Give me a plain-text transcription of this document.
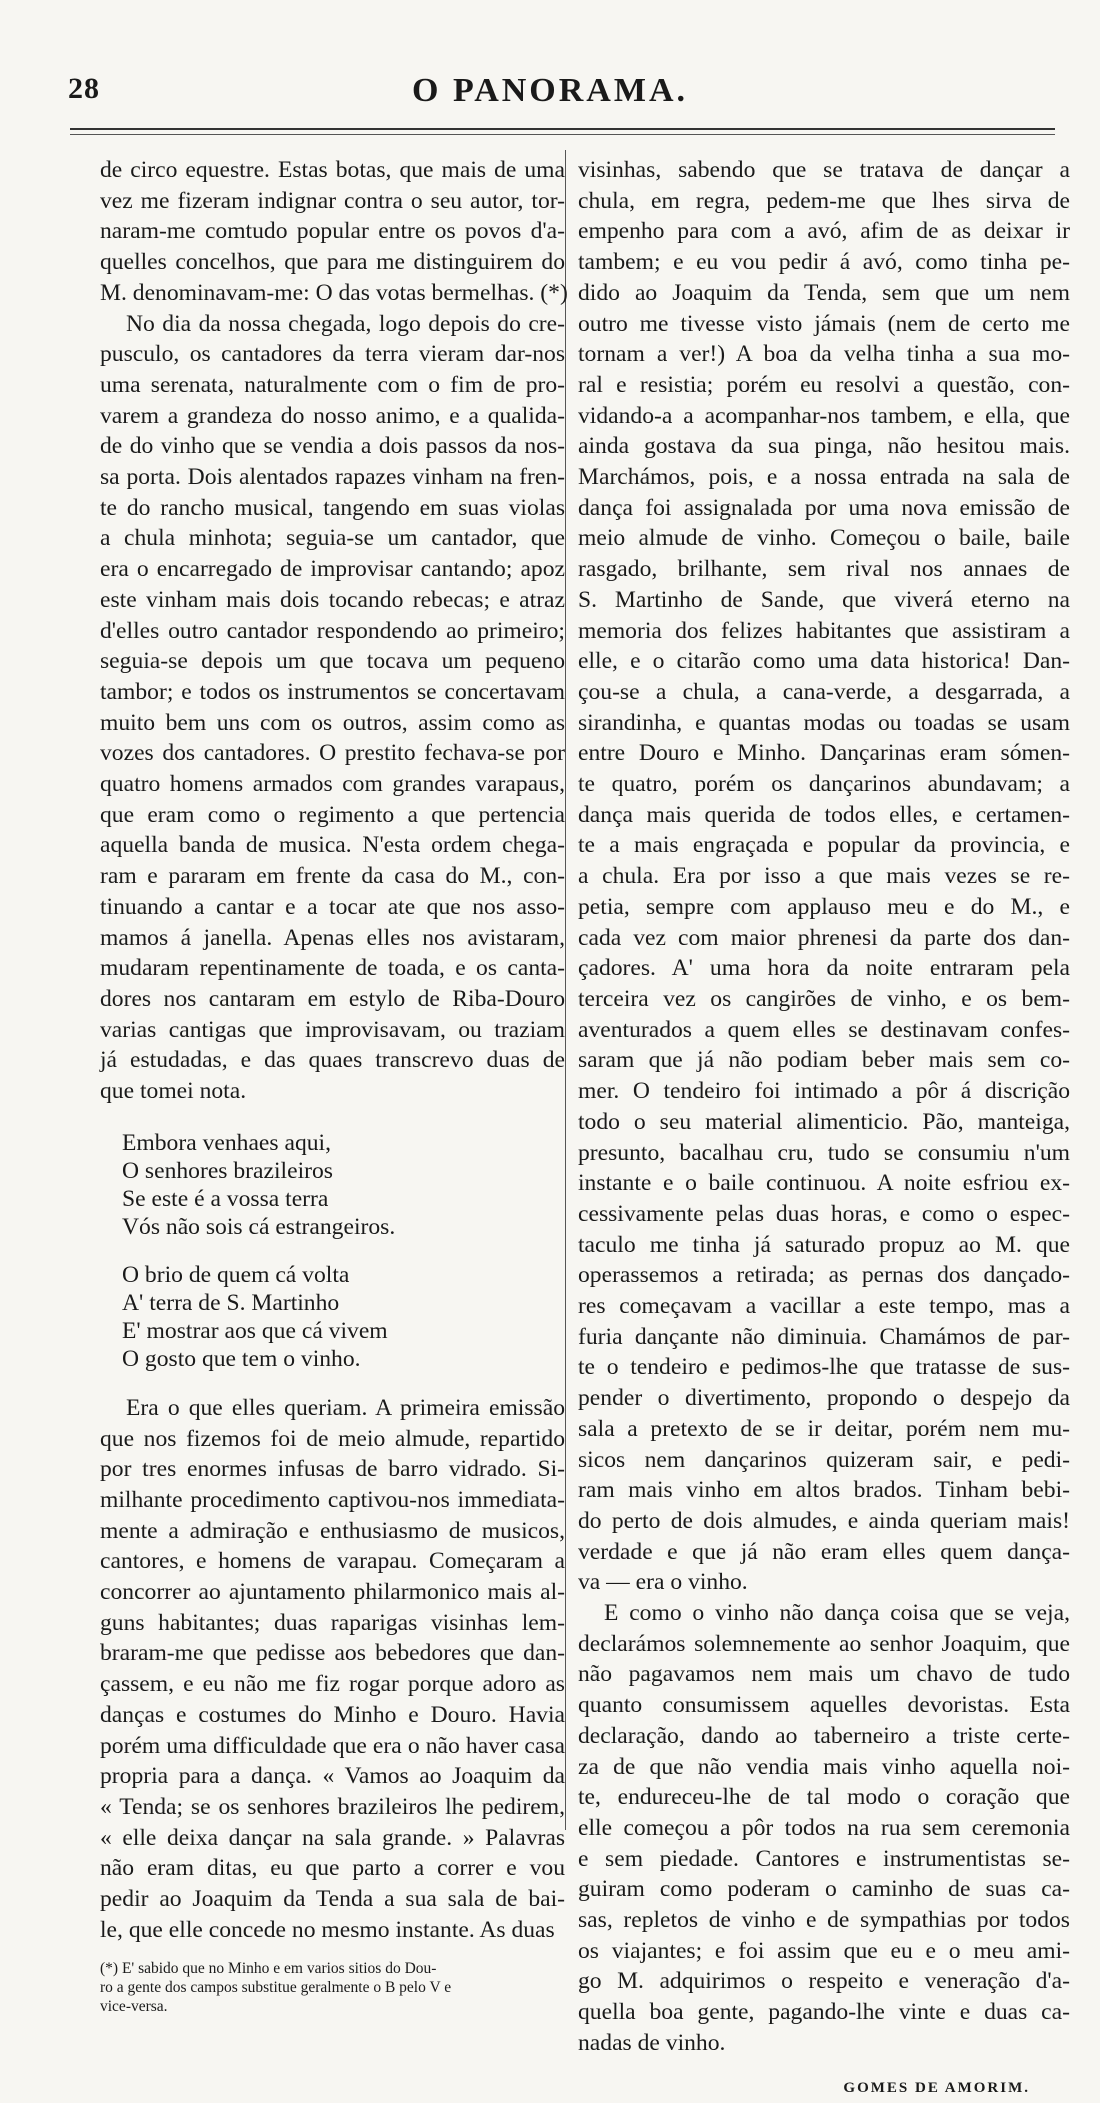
28	O PANORAMA.
de circo equestre. Estas botas, que mais de uma
vez me fizeram indignar contra o seu autor, tor-
naram-me comtudo popular entre os povos d'a-
quelles concelhos, que para me distinguirem do
M. denominavam-me: O das votas bermelhas. (*)
No dia da nossa chegada, logo depois do cre-
pusculo, os cantadores da terra vieram dar-nos
uma serenata, naturalmente com o fim de pro-
varem a grandeza do nosso animo, e a qualida-
de do vinho que se vendia a dois passos da nos-
sa porta. Dois alentados rapazes vinham na fren-
te do rancho musical, tangendo em suas violas
a chula minhota; seguia-se um cantador, que
era o encarregado de improvisar cantando; apoz
este vinham mais dois tocando rebecas; e atraz
d'elles outro cantador respondendo ao primeiro;
seguia-se depois um que tocava um pequeno
tambor; e todos os instrumentos se concertavam
muito bem uns com os outros, assim como as
vozes dos cantadores. O prestito fechava-se por
quatro homens armados com grandes varapaus,
que eram como o regimento a que pertencia
aquella banda de musica. N'esta ordem chega-
ram e pararam em frente da casa do M., con-
tinuando a cantar e a tocar ate que nos asso-
mamos á janella. Apenas elles nos avistaram,
mudaram repentinamente de toada, e os canta-
dores nos cantaram em estylo de Riba-Douro
varias cantigas que improvisavam, ou traziam
já estudadas, e das quaes transcrevo duas de
que tomei nota.
Embora venhaes aqui,
O senhores brazileiros
Se este é a vossa terra
Vós não sois cá estrangeiros.
O brio de quem cá volta
A' terra de S. Martinho
E' mostrar aos que cá vivem
O gosto que tem o vinho.
Era o que elles queriam. A primeira emissão
que nos fizemos foi de meio almude, repartido
por tres enormes infusas de barro vidrado. Si-
milhante procedimento captivou-nos immediata-
mente a admiração e enthusiasmo de musicos,
cantores, e homens de varapau. Começaram a
concorrer ao ajuntamento philarmonico mais al-
guns habitantes; duas raparigas visinhas lem-
braram-me que pedisse aos bebedores que dan-
çassem, e eu não me fiz rogar porque adoro as
danças e costumes do Minho e Douro. Havia
porém uma difficuldade que era o não haver casa
propria para a dança. « Vamos ao Joaquim da
« Tenda; se os senhores brazileiros lhe pedirem,
« elle deixa dançar na sala grande. » Palavras
não eram ditas, eu que parto a correr e vou
pedir ao Joaquim da Tenda a sua sala de bai-
le, que elle concede no mesmo instante. As duas
(*) E' sabido que no Minho e em varios sitios do Dou-
ro a gente dos campos substitue geralmente o B pelo V e
vice-versa.
visinhas, sabendo que se tratava de dançar a
chula, em regra, pedem-me que lhes sirva de
empenho para com a avó, afim de as deixar ir
tambem; e eu vou pedir á avó, como tinha pe-
dido ao Joaquim da Tenda, sem que um nem
outro me tivesse visto jámais (nem de certo me
tornam a ver!) A boa da velha tinha a sua mo-
ral e resistia; porém eu resolvi a questão, con-
vidando-a a acompanhar-nos tambem, e ella, que
ainda gostava da sua pinga, não hesitou mais.
Marchámos, pois, e a nossa entrada na sala de
dança foi assignalada por uma nova emissão de
meio almude de vinho. Começou o baile, baile
rasgado, brilhante, sem rival nos annaes de
S. Martinho de Sande, que viverá eterno na
memoria dos felizes habitantes que assistiram a
elle, e o citarão como uma data historica! Dan-
çou-se a chula, a cana-verde, a desgarrada, a
sirandinha, e quantas modas ou toadas se usam
entre Douro e Minho. Dançarinas eram sómen-
te quatro, porém os dançarinos abundavam; a
dança mais querida de todos elles, e certamen-
te a mais engraçada e popular da provincia, e
a chula. Era por isso a que mais vezes se re-
petia, sempre com applauso meu e do M., e
cada vez com maior phrenesi da parte dos dan-
çadores. A' uma hora da noite entraram pela
terceira vez os cangirões de vinho, e os bem-
aventurados a quem elles se destinavam confes-
saram que já não podiam beber mais sem co-
mer. O tendeiro foi intimado a pôr á discrição
todo o seu material alimenticio. Pão, manteiga,
presunto, bacalhau cru, tudo se consumiu n'um
instante e o baile continuou. A noite esfriou ex-
cessivamente pelas duas horas, e como o espec-
taculo me tinha já saturado propuz ao M. que
operassemos a retirada; as pernas dos dançado-
res começavam a vacillar a este tempo, mas a
furia dançante não diminuia. Chamámos de par-
te o tendeiro e pedimos-lhe que tratasse de sus-
pender o divertimento, propondo o despejo da
sala a pretexto de se ir deitar, porém nem mu-
sicos nem dançarinos quizeram sair, e pedi-
ram mais vinho em altos brados. Tinham bebi-
do perto de dois almudes, e ainda queriam mais!
verdade e que já não eram elles quem dança-
va — era o vinho.
E como o vinho não dança coisa que se veja,
declarámos solemnemente ao senhor Joaquim, que
não pagavamos nem mais um chavo de tudo
quanto consumissem aquelles devoristas. Esta
declaração, dando ao taberneiro a triste certe-
za de que não vendia mais vinho aquella noi-
te, endureceu-lhe de tal modo o coração que
elle começou a pôr todos na rua sem ceremonia
e sem piedade. Cantores e instrumentistas se-
guiram como poderam o caminho de suas ca-
sas, repletos de vinho e de sympathias por todos
os viajantes; e foi assim que eu e o meu ami-
go M. adquirimos o respeito e veneração d'a-
quella boa gente, pagando-lhe vinte e duas ca-
nadas de vinho.
GOMES DE AMORIM.
